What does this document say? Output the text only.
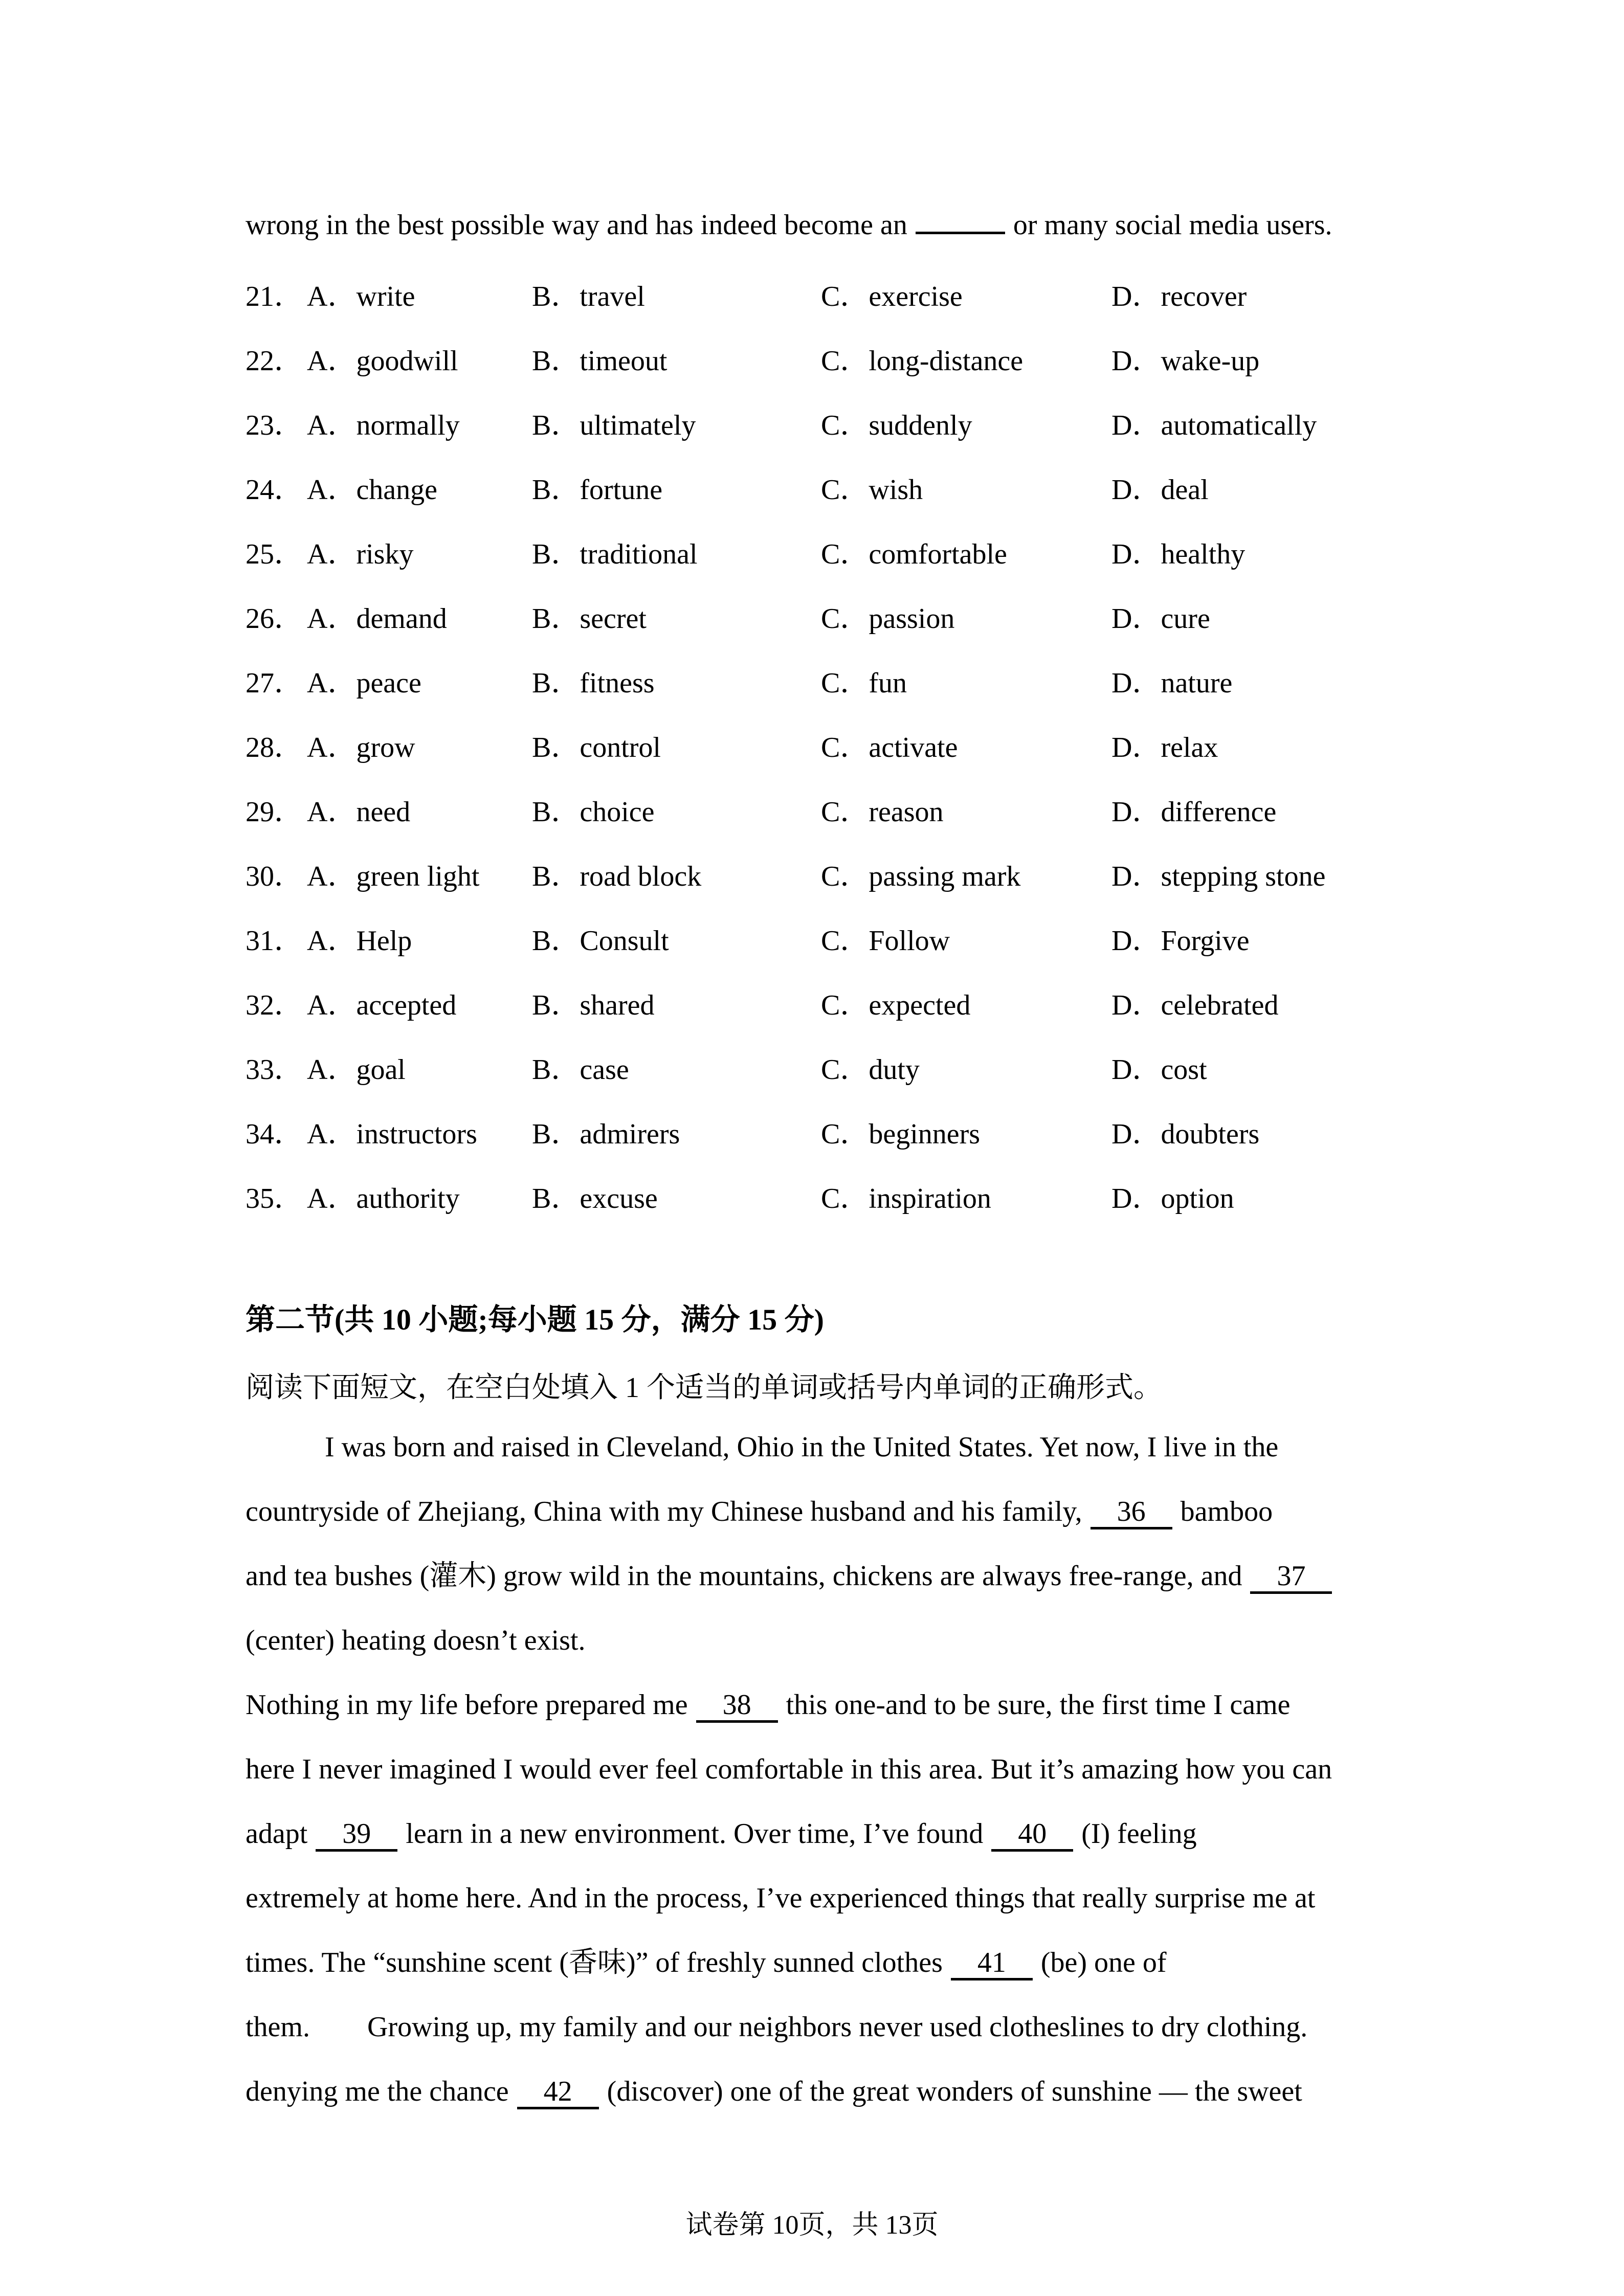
wrong in the best possible way and has indeed become an	or many social media users.
21． A．write	B．travel	C．exercise	D．recover
22． A．goodwill	B．timeout	C．long-distance	D．wake-up
23． A．normally	B．ultimately	C．suddenly	D．automatically
24． A．change	B．fortune	C．wish	D．deal
25． A．risky	B．traditional	C．comfortable	D．healthy
26． A．demand	B．secret	C．passion	D．cure
27． A．peace	B．fitness	C．fun	D．nature
28． A．grow	B．control	C．activate	D．relax
29． A．need	B．choice	C．reason	D．difference
30． A．green light	B．road block	C．passing mark	D．stepping stone
31． A．Help	B．Consult	C．Follow	D．Forgive
32． A．accepted	B．shared	C．expected	D．celebrated
33． A．goal	B．case	C．duty	D．cost
34． A．instructors	B．admirers	C．beginners	D．doubters
35． A．authority	B．excuse	C．inspiration	D．option
第二节(共 10 小题;每小题 15 分，满分 15 分)
阅读下面短文，在空白处填入 1 个适当的单词或括号内单词的正确形式。
I was born and raised in Cleveland, Ohio in the United States. Yet now, I live in the
countryside of Zhejiang, China with my Chinese husband and his family, 36 bamboo
and tea bushes (灌木) grow wild in the mountains, chickens are always free-range, and 37
(center) heating doesn’t exist.
Nothing in my life before prepared me 38 this one-and to be sure, the first time I came
here I never imagined I would ever feel comfortable in this area. But it’s amazing how you can
adapt 39 learn in a new environment. Over time, I’ve found 40 (I) feeling
extremely at home here. And in the process, I’ve experienced things that really surprise me at
times. The “sunshine scent (香味)” of freshly sunned clothes 41 (be) one of
them.　　Growing up, my family and our neighbors never used clotheslines to dry clothing.
denying me the chance 42 (discover) one of the great wonders of sunshine — the sweet
试卷第 10页，共 13页
